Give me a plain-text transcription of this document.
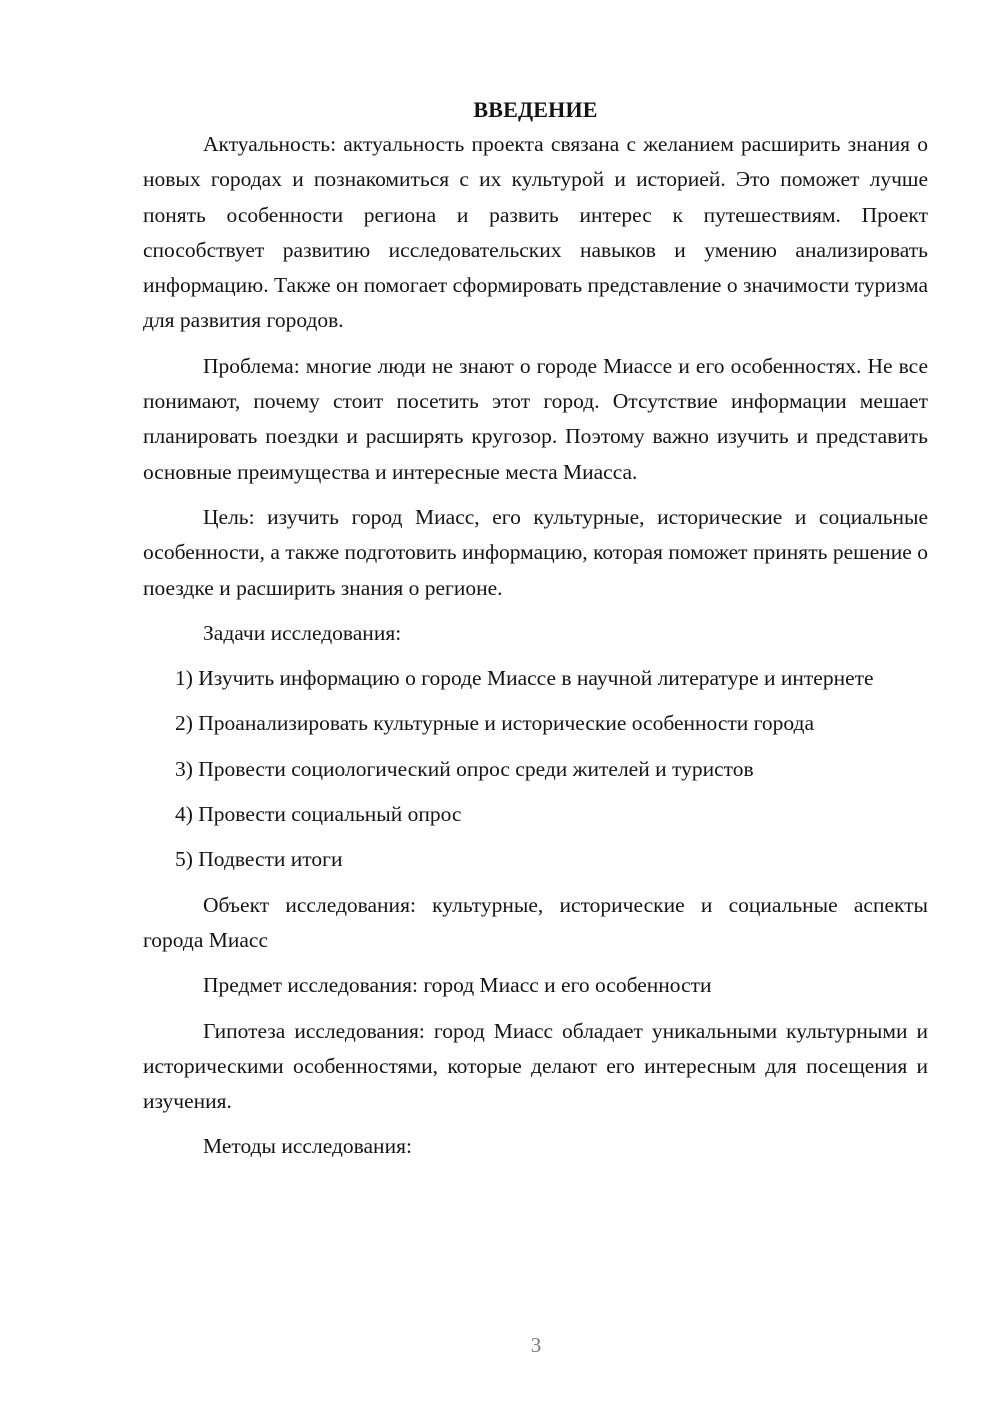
ВВЕДЕНИЕ

Актуальность: актуальность проекта связана с желанием расширить знания о новых городах и познакомиться с их культурой и историей. Это поможет лучше понять особенности региона и развить интерес к путешествиям. Проект способствует развитию исследовательских навыков и умению анализировать информацию. Также он помогает сформировать представление о значимости туризма для развития городов.

Проблема: многие люди не знают о городе Миассе и его особенностях. Не все понимают, почему стоит посетить этот город. Отсутствие информации мешает планировать поездки и расширять кругозор. Поэтому важно изучить и представить основные преимущества и интересные места Миасса.

Цель: изучить город Миасс, его культурные, исторические и социальные особенности, а также подготовить информацию, которая поможет принять решение о поездке и расширить знания о регионе.

Задачи исследования:

1) Изучить информацию о городе Миассе в научной литературе и интернете

2) Проанализировать культурные и исторические особенности города

3) Провести социологический опрос среди жителей и туристов

4) Провести социальный опрос

5) Подвести итоги

Объект исследования: культурные, исторические и социальные аспекты города Миасс

Предмет исследования: город Миасс и его особенности

Гипотеза исследования: город Миасс обладает уникальными культурными и историческими особенностями, которые делают его интересным для посещения и изучения.

Методы исследования:

3
